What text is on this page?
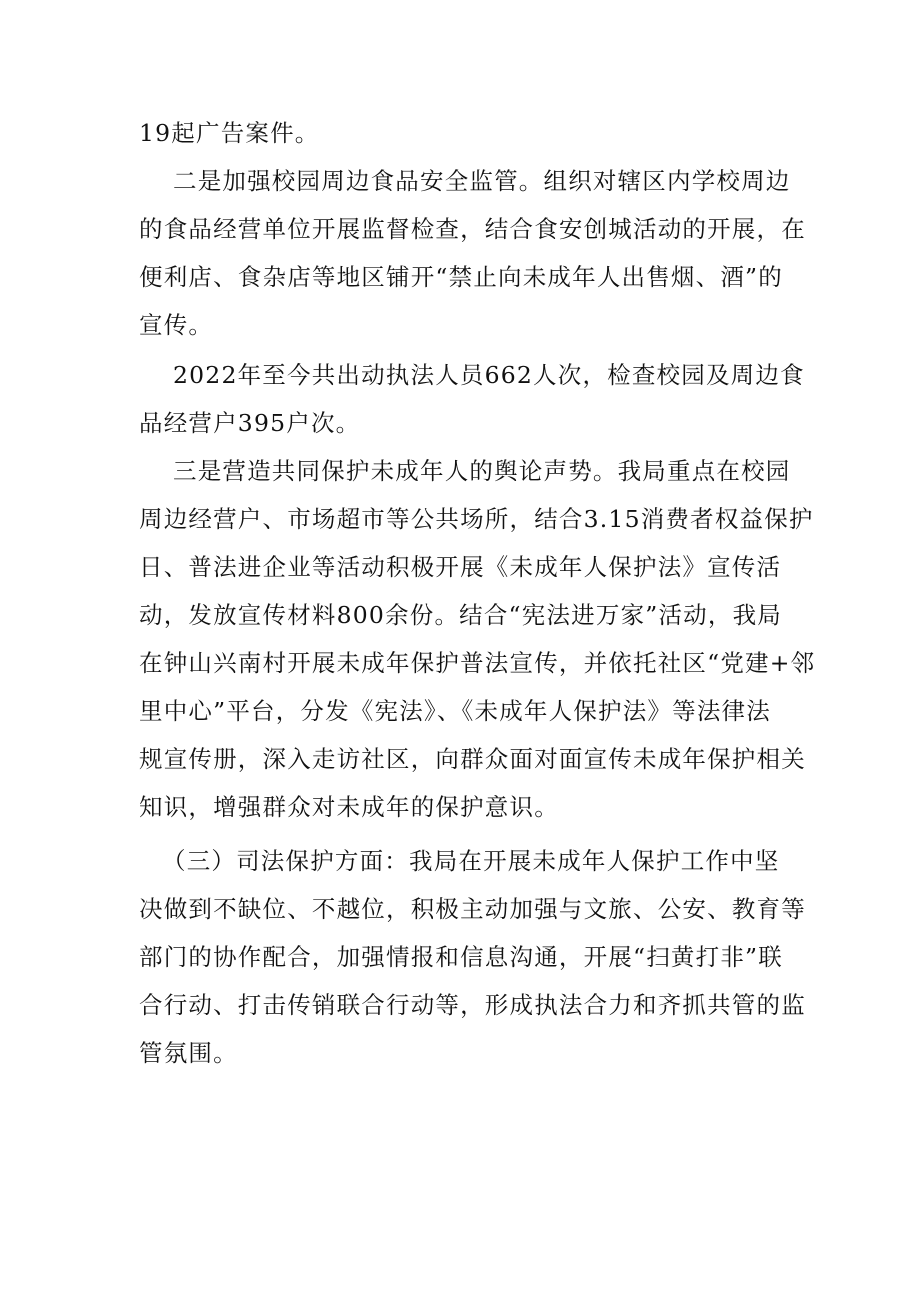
19起广告案件。
二是加强校园周边食品安全监管。组织对辖区内学校周边
的食品经营单位开展监督检查，结合食安创城活动的开展，在
便利店、食杂店等地区铺开“禁止向未成年人出售烟、酒”的
宣传。
2022年至今共出动执法人员662人次，检查校园及周边食
品经营户395户次。
三是营造共同保护未成年人的舆论声势。我局重点在校园
周边经营户、市场超市等公共场所，结合3.15消费者权益保护
日、普法进企业等活动积极开展《未成年人保护法》宣传活
动，发放宣传材料800余份。结合“宪法进万家”活动，我局
在钟山兴南村开展未成年保护普法宣传，并依托社区“党建+邻
里中心”平台，分发《宪法》、《未成年人保护法》等法律法
规宣传册，深入走访社区，向群众面对面宣传未成年保护相关
知识，增强群众对未成年的保护意识。
（三）司法保护方面：我局在开展未成年人保护工作中坚
决做到不缺位、不越位，积极主动加强与文旅、公安、教育等
部门的协作配合，加强情报和信息沟通，开展“扫黄打非”联
合行动、打击传销联合行动等，形成执法合力和齐抓共管的监
管氛围。
